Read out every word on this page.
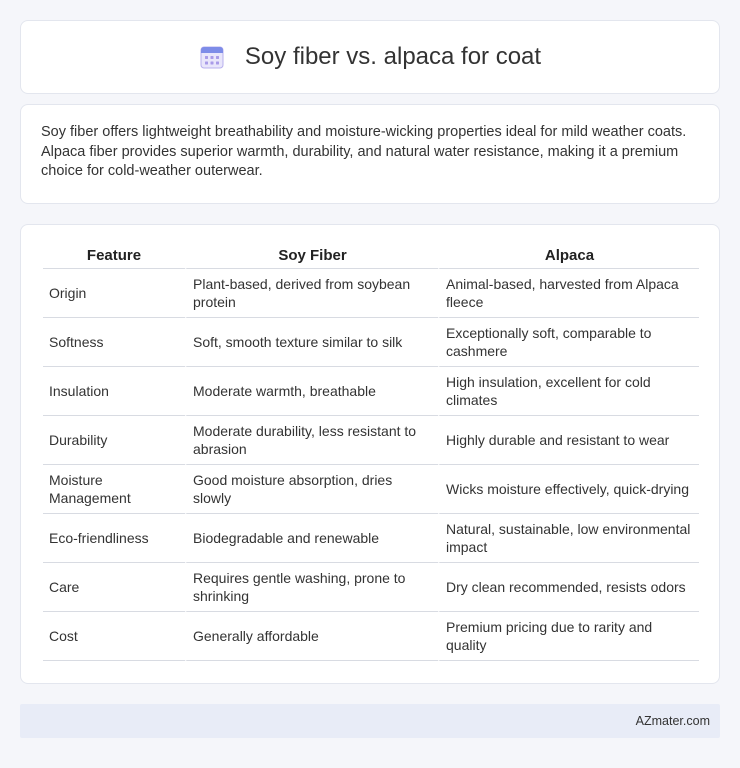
Soy fiber vs. alpaca for coat

Soy fiber offers lightweight breathability and moisture-wicking properties ideal for mild weather coats. Alpaca fiber provides superior warmth, durability, and natural water resistance, making it a premium choice for cold-weather outerwear.

Feature	Soy Fiber	Alpaca
Origin	Plant-based, derived from soybean protein	Animal-based, harvested from Alpaca fleece
Softness	Soft, smooth texture similar to silk	Exceptionally soft, comparable to cashmere
Insulation	Moderate warmth, breathable	High insulation, excellent for cold climates
Durability	Moderate durability, less resistant to abrasion	Highly durable and resistant to wear
Moisture Management	Good moisture absorption, dries slowly	Wicks moisture effectively, quick-drying
Eco-friendliness	Biodegradable and renewable	Natural, sustainable, low environmental impact
Care	Requires gentle washing, prone to shrinking	Dry clean recommended, resists odors
Cost	Generally affordable	Premium pricing due to rarity and quality
AZmater.com
